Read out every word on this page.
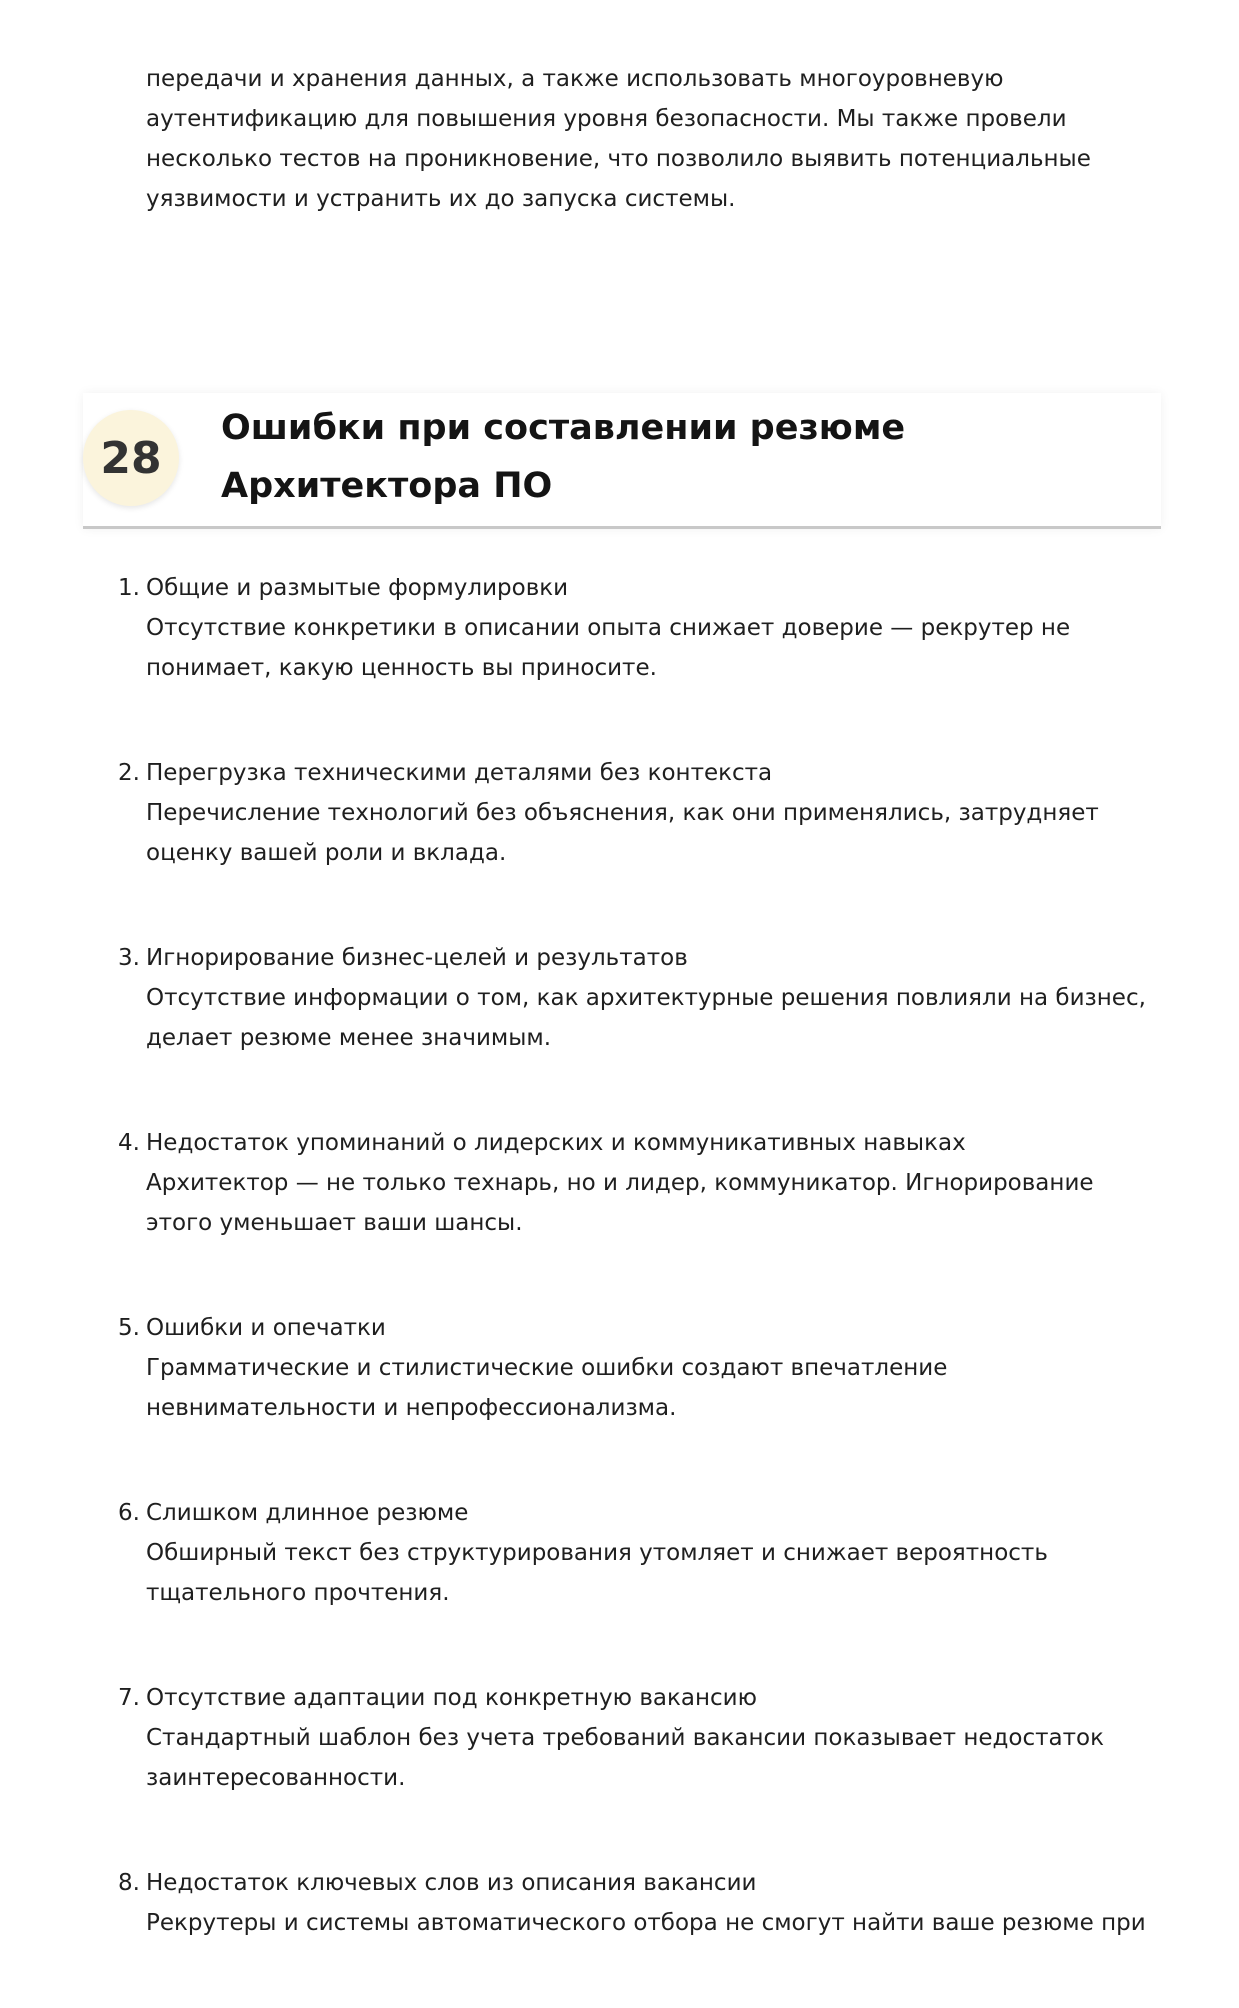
передачи и хранения данных, а также использовать многоуровневую аутентификацию для повышения уровня безопасности. Мы также провели несколько тестов на проникновение, что позволило выявить потенциальные уязвимости и устранить их до запуска системы.

28
Ошибки при составлении резюме Архитектора ПО
1. Общие и размытые формулировки
Отсутствие конкретики в описании опыта снижает доверие — рекрутер не понимает, какую ценность вы приносите.
2. Перегрузка техническими деталями без контекста
Перечисление технологий без объяснения, как они применялись, затрудняет оценку вашей роли и вклада.
3. Игнорирование бизнес-целей и результатов
Отсутствие информации о том, как архитектурные решения повлияли на бизнес, делает резюме менее значимым.
4. Недостаток упоминаний о лидерских и коммуникативных навыках
Архитектор — не только технарь, но и лидер, коммуникатор. Игнорирование этого уменьшает ваши шансы.
5. Ошибки и опечатки
Грамматические и стилистические ошибки создают впечатление невнимательности и непрофессионализма.
6. Слишком длинное резюме
Обширный текст без структурирования утомляет и снижает вероятность тщательного прочтения.
7. Отсутствие адаптации под конкретную вакансию
Стандартный шаблон без учета требований вакансии показывает недостаток заинтересованности.
8. Недостаток ключевых слов из описания вакансии
Рекрутеры и системы автоматического отбора не смогут найти ваше резюме при
